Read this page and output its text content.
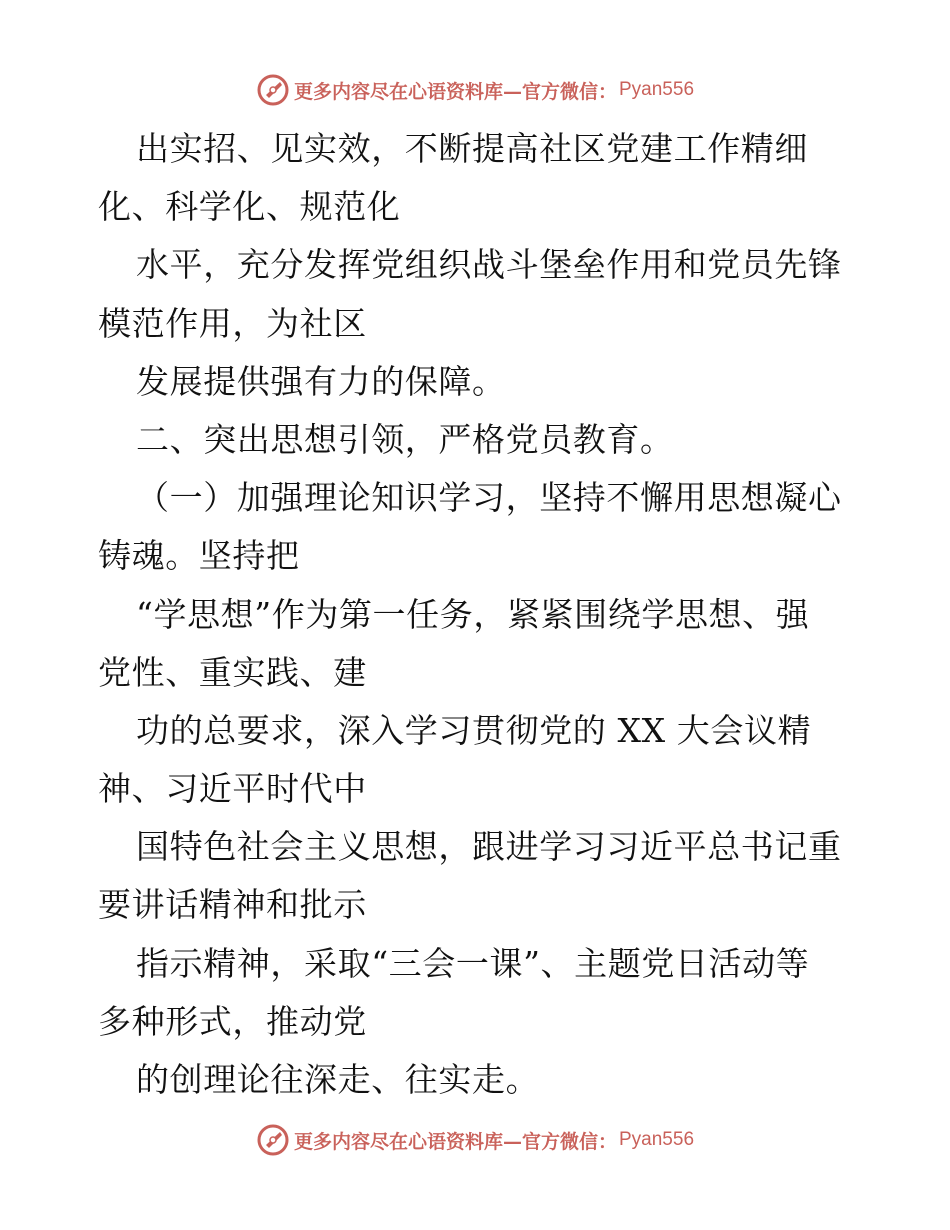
更多内容尽在心语资料库—官方微信： Pyan556
出实招、见实效，不断提高社区党建工作精细
化、科学化、规范化
水平，充分发挥党组织战斗堡垒作用和党员先锋
模范作用，为社区
发展提供强有力的保障。
二、突出思想引领，严格党员教育。
（一）加强理论知识学习，坚持不懈用思想凝心
铸魂。坚持把
“学思想”作为第一任务，紧紧围绕学思想、强
党性、重实践、建
功的总要求，深入学习贯彻党的 XX 大会议精
神、习近平时代中
国特色社会主义思想，跟进学习习近平总书记重
要讲话精神和批示
指示精神，采取“三会一课”、主题党日活动等
多种形式，推动党
的创理论往深走、往实走。
更多内容尽在心语资料库—官方微信： Pyan556
